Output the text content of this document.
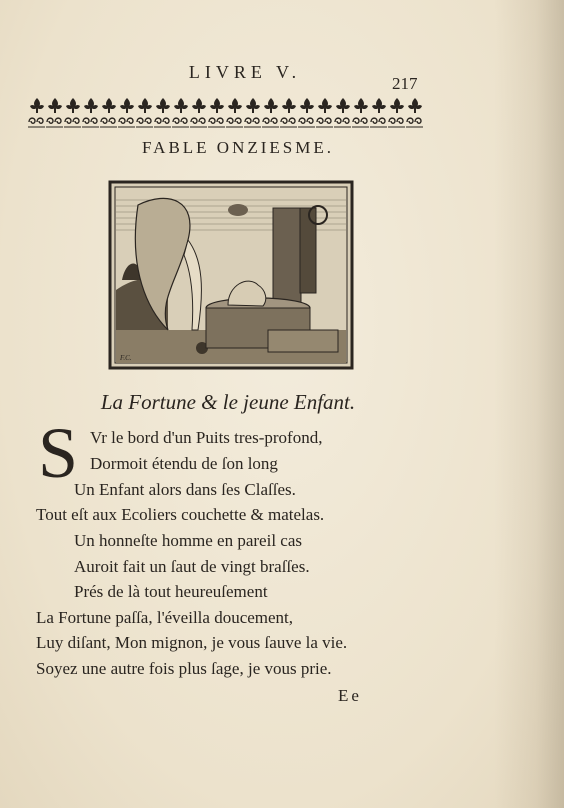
LIVRE V.
217
FABLE ONZIESME.
F.C.
La Fortune & le jeune Enfant.
S Vr le bord d'un Puits tres-profond,
Dormoit étendu de ſon long
Un Enfant alors dans ſes Claſſes.
Tout eſt aux Ecoliers couchette & matelas.
Un honneſte homme en pareil cas
Auroit fait un ſaut de vingt braſſes.
Prés de là tout heureuſement
La Fortune paſſa, l'éveilla doucement,
Luy diſant, Mon mignon, je vous ſauve la vie.
Soyez une autre fois plus ſage, je vous prie.
Ee
